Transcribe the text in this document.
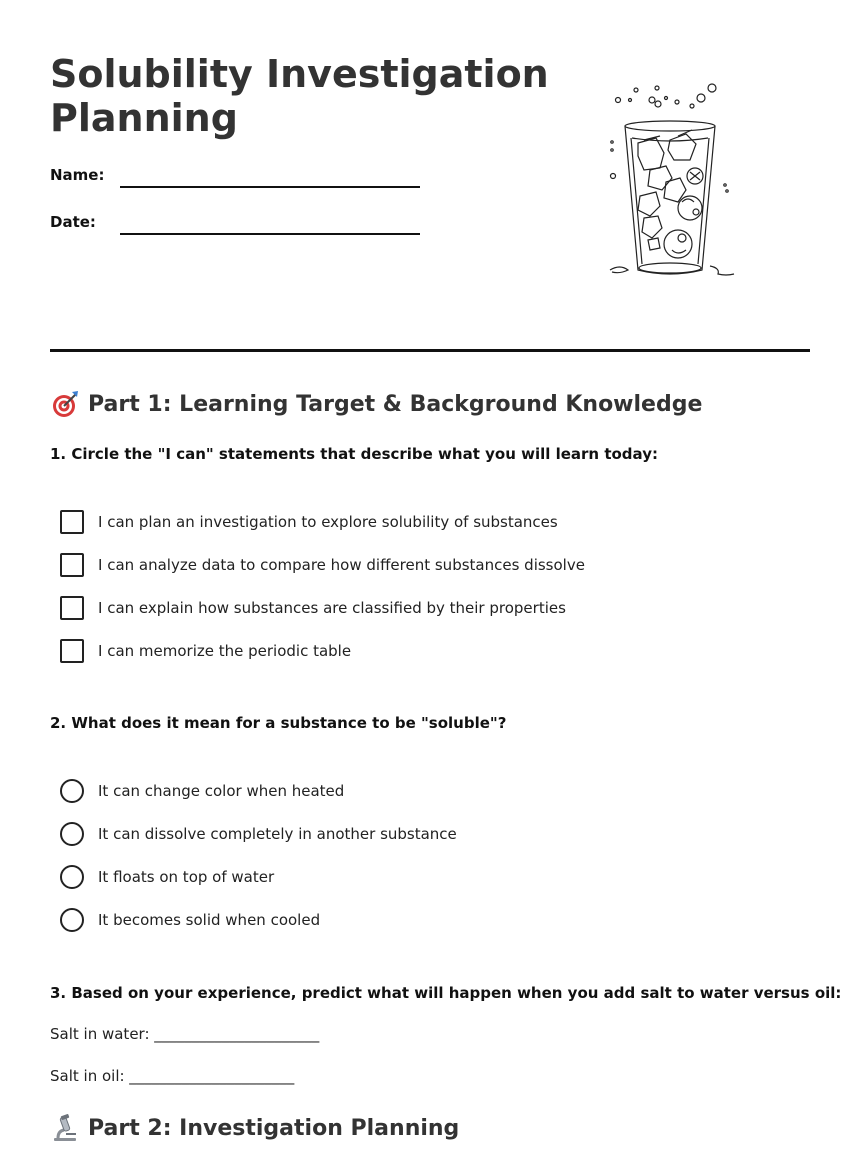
Solubility Investigation Planning
Name:
Date:
Part 1: Learning Target & Background Knowledge

1. Circle the "I can" statements that describe what you will learn today:

I can plan an investigation to explore solubility of substances
I can analyze data to compare how different substances dissolve
I can explain how substances are classified by their properties
I can memorize the periodic table

2. What does it mean for a substance to be "soluble"?

It can change color when heated
It can dissolve completely in another substance
It floats on top of water
It becomes solid when cooled

3. Based on your experience, predict what will happen when you add salt to water versus oil:

Salt in water: ______________________
Salt in oil: ______________________
Part 2: Investigation Planning
